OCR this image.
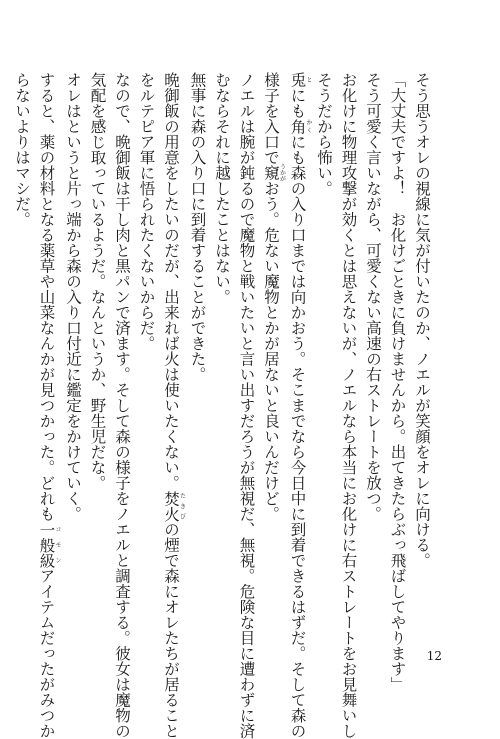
そう思うオレの視線に気が付いたのか、ノエルが笑顔をオレに向ける。

「大丈夫ですよ！　お化けごときに負けませんから。出てきたらぶっ飛ばしてやります」

そう可愛く言いながら、可愛くない高速の右ストレートを放つ。

お化けに物理攻撃が効くとは思えないが、ノエルなら本当にお化けに右ストレートをお見舞いし

そうだから怖い。

兎とにも角かくにも森の入り口までは向かおう。そこまでなら今日中に到着できるはずだ。そして森の

様子を入口で窺うかがおう。危ない魔物とかが居ないと良いんだけど。

ノエルは腕が鈍るので魔物と戦いたいと言い出すだろうが無視だ、無視。危険な目に遭わずに済

むならそれに越したことはない。

無事に森の入り口に到着することができた。

晩御飯の用意をしたいのだが、出来れば火は使いたくない。焚火たきびの煙で森にオレたちが居ること

をルテピア軍に悟られたくないからだ。

なので、晩御飯は干し肉と黒パンで済ます。そして森の様子をノエルと調査する。彼女は魔物の

気配を感じ取っているようだ。なんというか、野生児だな。

オレはというと片っ端から森の入り口付近に鑑定をかけていく。

すると、薬の材料となる薬草や山菜なんかが見つかった。どれも一般級コモンアイテムだったがみつか

らないよりはマシだ。

12
